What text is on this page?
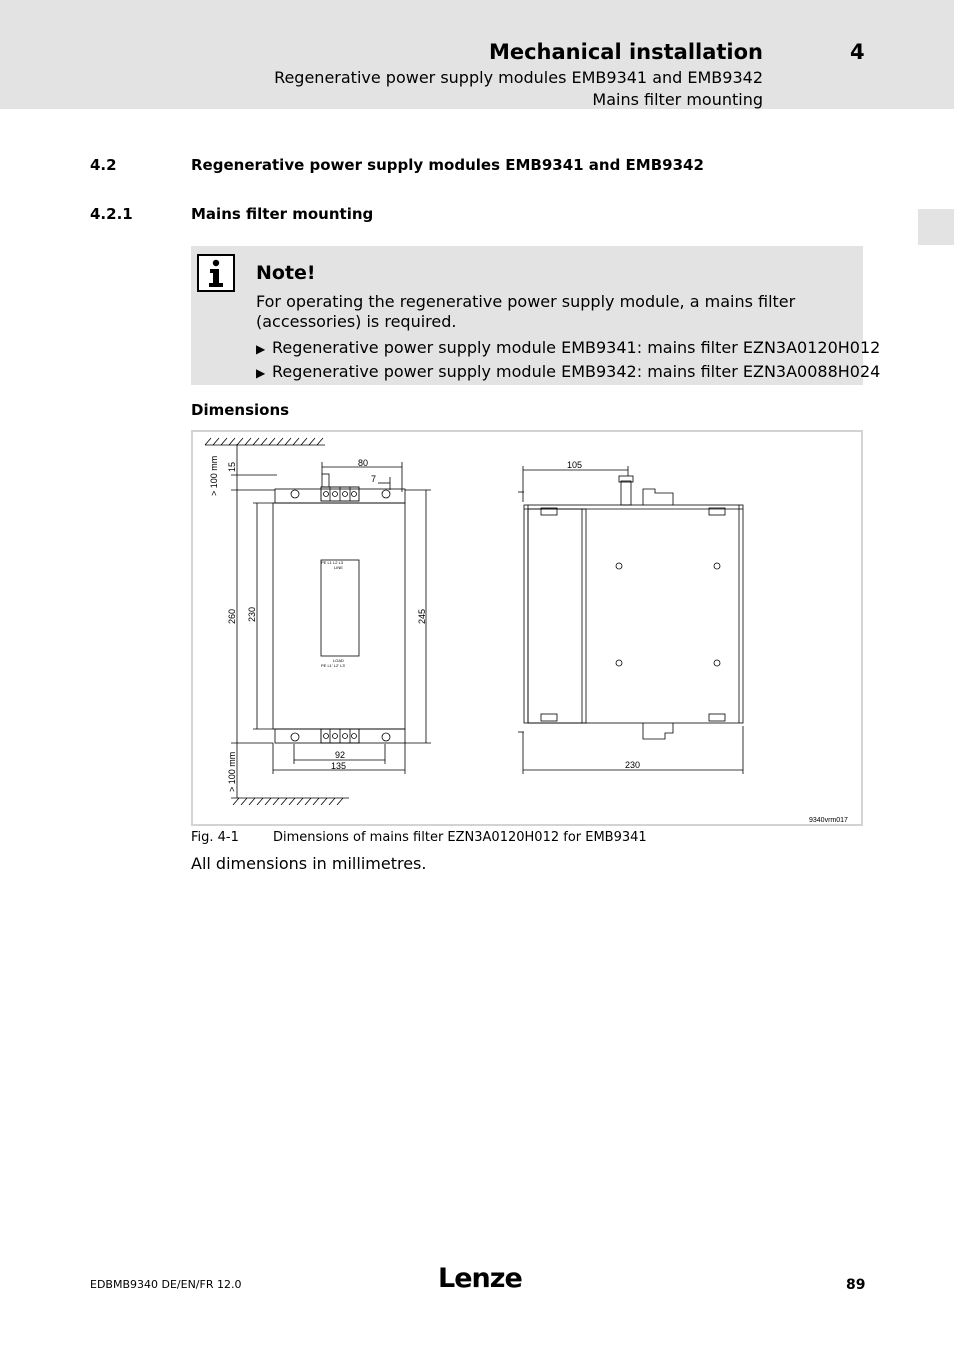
Mechanical installation	4
Regenerative power supply modules EMB9341 and EMB9342
Mains filter mounting
4.2	Regenerative power supply modules EMB9341 and EMB9342
4.2.1	Mains filter mounting
Note!
For operating the regenerative power supply module, a mains filter (accessories) is required.
▶ Regenerative power supply module EMB9341: mains filter EZN3A0120H012
▶ Regenerative power supply module EMB9342: mains filter EZN3A0088H024
Dimensions
PE L1 L2 L3
LINE
LOAD
PE L1' L2' L3'
80
7
15
> 100 mm
260 230	245
92
135
> 100 mm
105
230
9340vrm017
Fig. 4-1	Dimensions of mains filter EZN3A0120H012 for EMB9341
All dimensions in millimetres.
EDBMB9340 DE/EN/FR 12.0	Lenze	89
